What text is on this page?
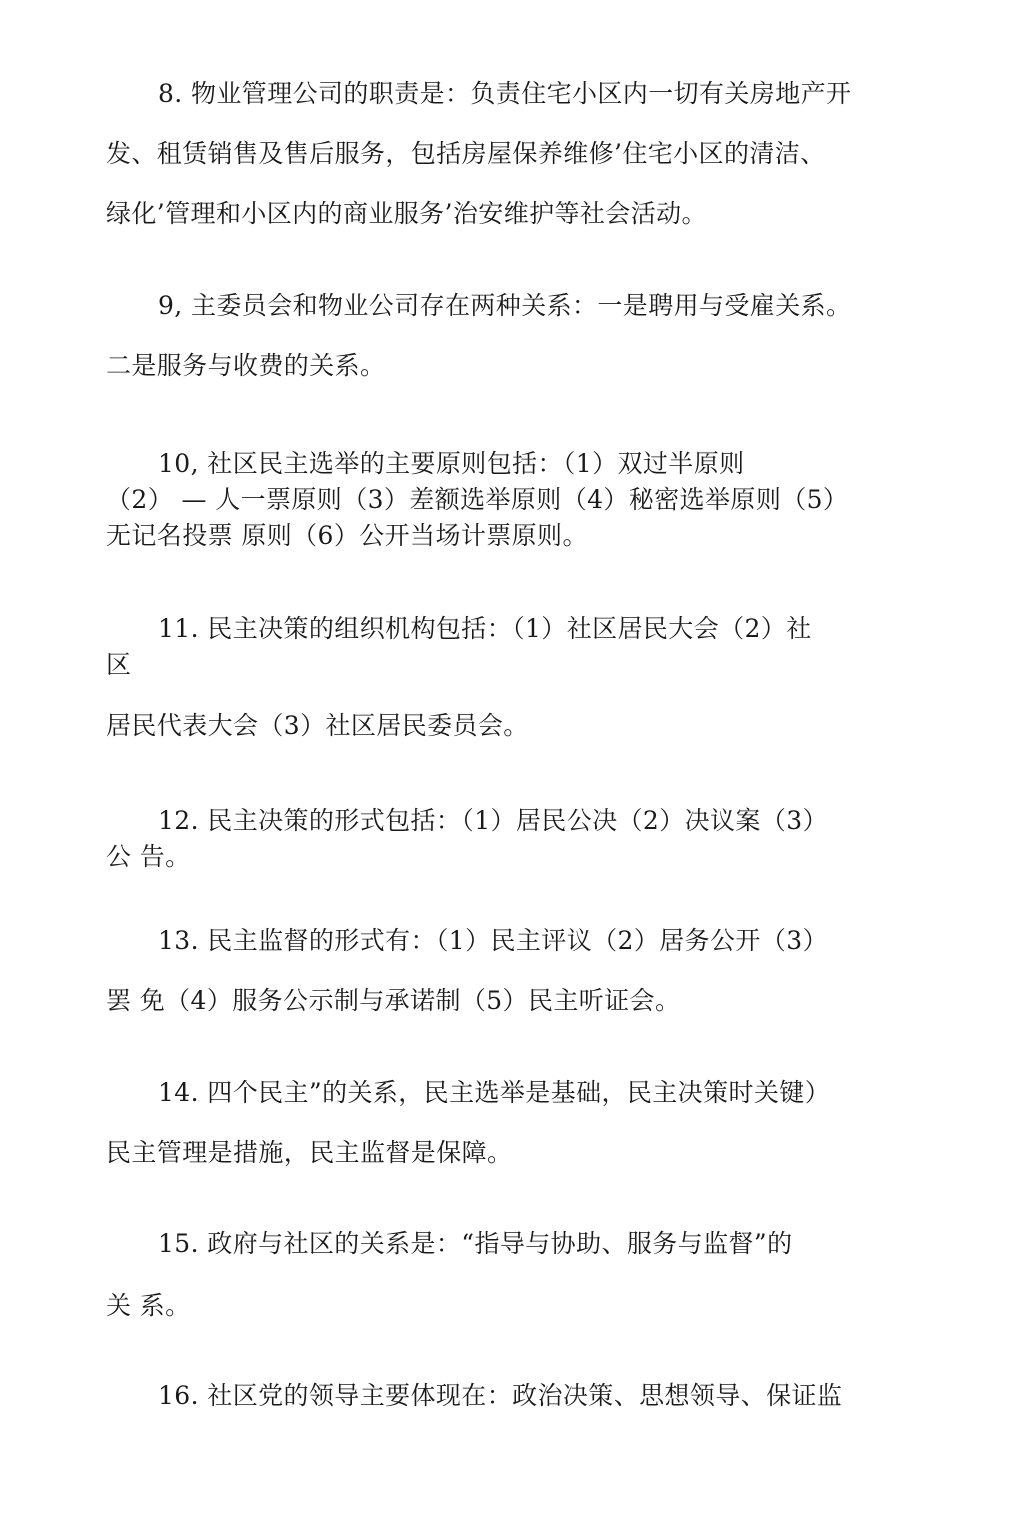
8. 物业管理公司的职责是：负责住宅小区内一切有关房地产开

发、租赁销售及售后服务，包括房屋保养维修’住宅小区的清洁、

绿化’管理和小区内的商业服务’治安维护等社会活动。

9, 主委员会和物业公司存在两种关系：一是聘用与受雇关系。

二是服务与收费的关系。

10, 社区民主选举的主要原则包括：（1）双过半原则

（2） — 人一票原则（3）差额选举原则（4）秘密选举原则（5）

无记名投票 原则（6）公开当场计票原则。

11. 民主决策的组织机构包括：（1）社区居民大会（2）社

区

居民代表大会（3）社区居民委员会。

12. 民主决策的形式包括：（1）居民公决（2）决议案（3）

公 告。

13. 民主监督的形式有：（1）民主评议（2）居务公开（3）

罢 免（4）服务公示制与承诺制（5）民主听证会。

14. 四个民主”的关系，民主选举是基础，民主决策时关键）

民主管理是措施，民主监督是保障。

15. 政府与社区的关系是：“指导与协助、服务与监督”的

关 系。

16. 社区党的领导主要体现在：政治决策、思想领导、保证监
